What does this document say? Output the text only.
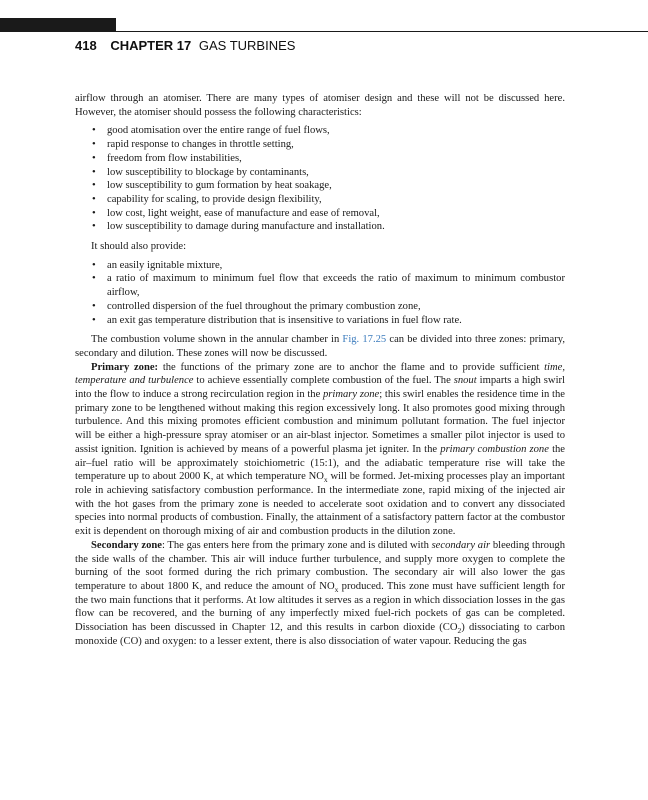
418 CHAPTER 17 GAS TURBINES

airflow through an atomiser. There are many types of atomiser design and these will not be discussed here. However, the atomiser should possess the following characteristics:

• good atomisation over the entire range of fuel flows,
• rapid response to changes in throttle setting,
• freedom from flow instabilities,
• low susceptibility to blockage by contaminants,
• low susceptibility to gum formation by heat soakage,
• capability for scaling, to provide design flexibility,
• low cost, light weight, ease of manufacture and ease of removal,
• low susceptibility to damage during manufacture and installation.

It should also provide:

• an easily ignitable mixture,
• a ratio of maximum to minimum fuel flow that exceeds the ratio of maximum to minimum combustor airflow,
• controlled dispersion of the fuel throughout the primary combustion zone,
• an exit gas temperature distribution that is insensitive to variations in fuel flow rate.

The combustion volume shown in the annular chamber in Fig. 17.25 can be divided into three zones: primary, secondary and dilution. These zones will now be discussed.

Primary zone: the functions of the primary zone are to anchor the flame and to provide sufficient time, temperature and turbulence to achieve essentially complete combustion of the fuel. The snout imparts a high swirl into the flow to induce a strong recirculation region in the primary zone; this swirl enables the residence time in the primary zone to be lengthened without making this region excessively long. It also promotes good mixing through turbulence. And this mixing promotes efficient combustion and minimum pollutant formation. The fuel injector will be either a high-pressure spray atomiser or an air-blast injector. Sometimes a smaller pilot injector is used to assist ignition. Ignition is achieved by means of a powerful plasma jet igniter. In the primary combustion zone the air–fuel ratio will be approximately stoichiometric (15:1), and the adiabatic temperature rise will take the temperature up to about 2000 K, at which temperature $NO_x$ will be formed. Jet-mixing processes play an important role in achieving satisfactory combustion performance. In the intermediate zone, rapid mixing of the injected air with the hot gases from the primary zone is needed to accelerate soot oxidation and to convert any dissociated species into normal products of combustion. Finally, the attainment of a satisfactory pattern factor at the combustor exit is dependent on thorough mixing of air and combustion products in the dilution zone.

Secondary zone: The gas enters here from the primary zone and is diluted with secondary air bleeding through the side walls of the chamber. This air will induce further turbulence, and supply more oxygen to complete the burning of the soot formed during the rich primary combustion. The secondary air will also lower the gas temperature to about 1800 K, and reduce the amount of $NO_x$ produced. This zone must have sufficient length for the two main functions that it performs. At low altitudes it serves as a region in which dissociation losses in the gas flow can be recovered, and the burning of any imperfectly mixed fuel-rich pockets of gas can be completed. Dissociation has been discussed in Chapter 12, and this results in carbon dioxide $(CO_2)$ dissociating to carbon monoxide (CO) and oxygen: to a lesser extent, there is also dissociation of water vapour. Reducing the gas
